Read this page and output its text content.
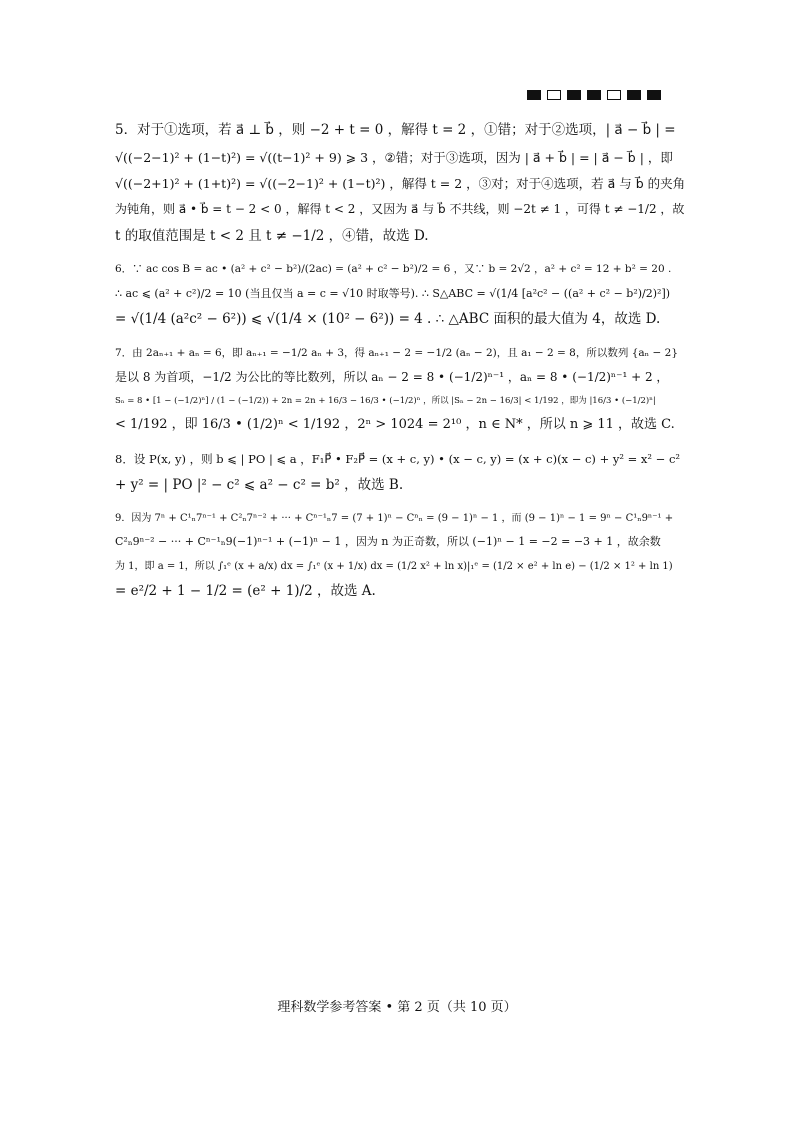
5．对于①选项，若 a⃗ ⊥ b⃗ ，则 −2 + t = 0 ，解得 t = 2 ，①错；对于②选项，| a⃗ − b⃗ | =
√((−2−1)² + (1−t)²) = √((t−1)² + 9) ⩾ 3 ，②错；对于③选项，因为 | a⃗ + b⃗ | = | a⃗ − b⃗ | ，即
√((−2+1)² + (1+t)²) = √((−2−1)² + (1−t)²) ，解得 t = 2 ，③对；对于④选项，若 a⃗ 与 b⃗ 的夹角
为钝角，则 a⃗ • b⃗ = t − 2 < 0 ，解得 t < 2 ，又因为 a⃗ 与 b⃗ 不共线，则 −2t ≠ 1 ，可得 t ≠ −1/2 ，故
t 的取值范围是 t < 2 且 t ≠ −1/2 ，④错，故选 D.
6．∵ ac cos B = ac • (a² + c² − b²)/(2ac) = (a² + c² − b²)/2 = 6 ，又∵ b = 2√2 ，a² + c² = 12 + b² = 20 .
∴ ac ⩽ (a² + c²)/2 = 10 (当且仅当 a = c = √10 时取等号). ∴ S△ABC = √(1/4 [a²c² − ((a² + c² − b²)/2)²])
= √(1/4 (a²c² − 6²)) ⩽ √(1/4 × (10² − 6²)) = 4 . ∴ △ABC 面积的最大值为 4，故选 D.
7．由 2aₙ₊₁ + aₙ = 6，即 aₙ₊₁ = −1/2 aₙ + 3，得 aₙ₊₁ − 2 = −1/2 (aₙ − 2)，且 a₁ − 2 = 8，所以数列 {aₙ − 2}
是以 8 为首项，−1/2 为公比的等比数列，所以 aₙ − 2 = 8 • (−1/2)ⁿ⁻¹ ，aₙ = 8 • (−1/2)ⁿ⁻¹ + 2 ，
Sₙ = 8 • [1 − (−1/2)ⁿ] / (1 − (−1/2)) + 2n = 2n + 16/3 − 16/3 • (−1/2)ⁿ ，所以 |Sₙ − 2n − 16/3| < 1/192 ，即为 |16/3 • (−1/2)ⁿ|
< 1/192 ，即 16/3 • (1/2)ⁿ < 1/192 ，2ⁿ > 1024 = 2¹⁰ ，n ∈ N* ，所以 n ⩾ 11 ，故选 C.
8．设 P(x, y) ，则 b ⩽ | PO | ⩽ a ，F₁P⃗ • F₂P⃗ = (x + c, y) • (x − c, y) = (x + c)(x − c) + y² = x² − c²
+ y² = | PO |² − c² ⩽ a² − c² = b² ，故选 B.
9．因为 7ⁿ + C¹ₙ7ⁿ⁻¹ + C²ₙ7ⁿ⁻² + ··· + Cⁿ⁻¹ₙ7 = (7 + 1)ⁿ − Cⁿₙ = (9 − 1)ⁿ − 1 ，而 (9 − 1)ⁿ − 1 = 9ⁿ − C¹ₙ9ⁿ⁻¹ +
C²ₙ9ⁿ⁻² − ··· + Cⁿ⁻¹ₙ9(−1)ⁿ⁻¹ + (−1)ⁿ − 1 ，因为 n 为正奇数，所以 (−1)ⁿ − 1 = −2 = −3 + 1 ，故余数
为 1，即 a = 1，所以 ∫₁ᵉ (x + a/x) dx = ∫₁ᵉ (x + 1/x) dx = (1/2 x² + ln x)|₁ᵉ = (1/2 × e² + ln e) − (1/2 × 1² + ln 1)
= e²/2 + 1 − 1/2 = (e² + 1)/2 ，故选 A.
理科数学参考答案 • 第 2 页（共 10 页）
